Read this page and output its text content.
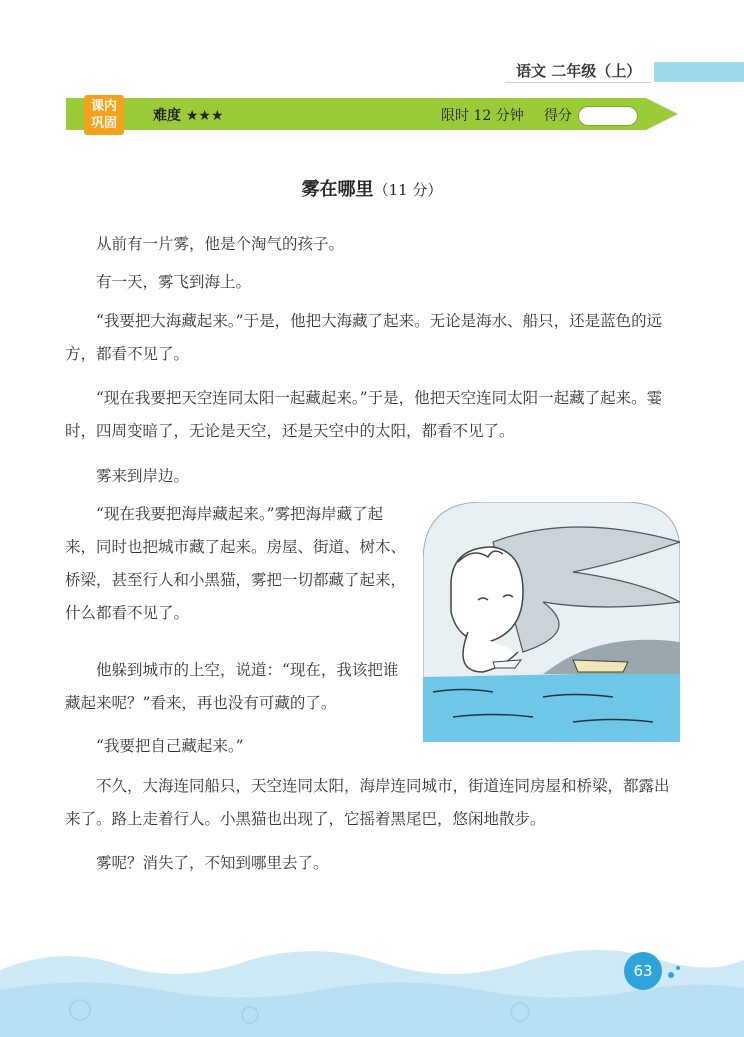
语文 二年级（上）
课内
巩固	难度 ★★★	限时 12 分钟 得分
雾在哪里（11 分）
从前有一片雾，他是个淘气的孩子。
有一天，雾飞到海上。
“我要把大海藏起来。”于是，他把大海藏了起来。无论是海水、船只，还是蓝色的远方，都看不见了。
“现在我要把天空连同太阳一起藏起来。”于是，他把天空连同太阳一起藏了起来。霎时，四周变暗了，无论是天空，还是天空中的太阳，都看不见了。
雾来到岸边。
“现在我要把海岸藏起来。”雾把海岸藏了起来，同时也把城市藏了起来。房屋、街道、树木、桥梁，甚至行人和小黑猫，雾把一切都藏了起来，什么都看不见了。
他躲到城市的上空，说道：“现在，我该把谁藏起来呢？”看来，再也没有可藏的了。
“我要把自己藏起来。”
不久，大海连同船只，天空连同太阳，海岸连同城市，街道连同房屋和桥梁，都露出来了。路上走着行人。小黑猫也出现了，它摇着黑尾巴，悠闲地散步。
雾呢？消失了，不知到哪里去了。
63
